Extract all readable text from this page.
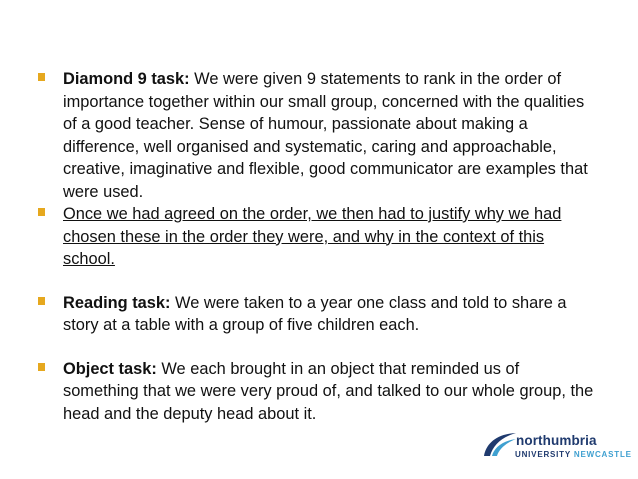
Diamond 9 task: We were given 9 statements to rank in the order of importance together within our small group, concerned with the qualities of a good teacher. Sense of humour, passionate about making a difference, well organised and systematic, caring and approachable, creative, imaginative and flexible, good communicator are examples that were used.
Once we had agreed on the order, we then had to justify why we had chosen these in the order they were, and why in the context of this school.
Reading task: We were taken to a year one class and told to share a story at a table with a group of five children each.
Object task: We each brought in an object that reminded us of something that we were very proud of, and talked to our whole group, the head and the deputy head about it.
northumbria
UNIVERSITY NEWCASTLE
